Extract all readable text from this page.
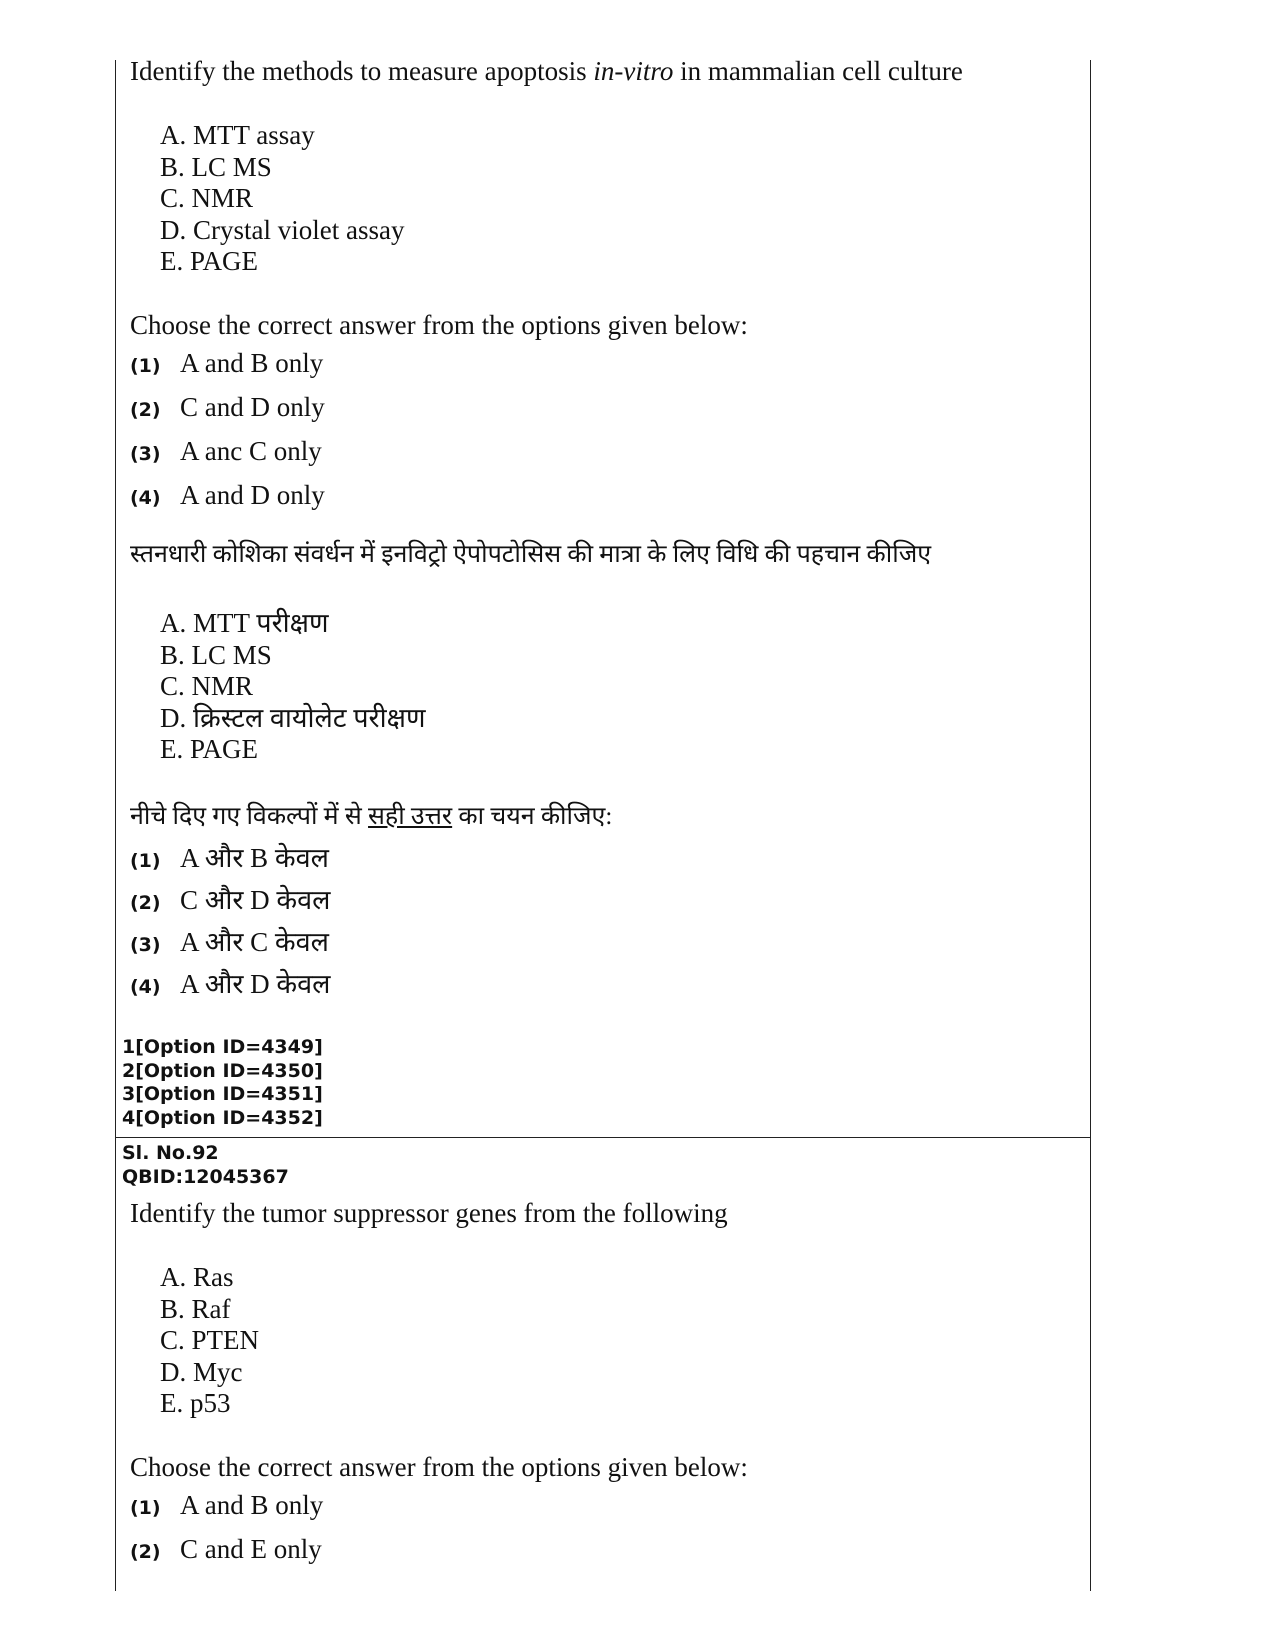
Identify the methods to measure apoptosis in-vitro in mammalian cell culture

A. MTT assay
B. LC MS
C. NMR
D. Crystal violet assay
E. PAGE

Choose the correct answer from the options given below:

(1) A and B only
(2) C and D only
(3) A anc C only
(4) A and D only

स्तनधारी कोशिका संवर्धन में इनविट्रो ऐपोपटोसिस की मात्रा के लिए विधि की पहचान कीजिए

A. MTT परीक्षण
B. LC MS
C. NMR
D. क्रिस्टल वायोलेट परीक्षण
E. PAGE

नीचे दिए गए विकल्पों में से सही उत्तर का चयन कीजिए:

(1) A और B केवल
(2) C और D केवल
(3) A और C केवल
(4) A और D केवल
1[Option ID=4349]
2[Option ID=4350]
3[Option ID=4351]
4[Option ID=4352]
Sl. No.92
QBID:12045367

Identify the tumor suppressor genes from the following

A. Ras
B. Raf
C. PTEN
D. Myc
E. p53

Choose the correct answer from the options given below:

(1) A and B only
(2) C and E only
